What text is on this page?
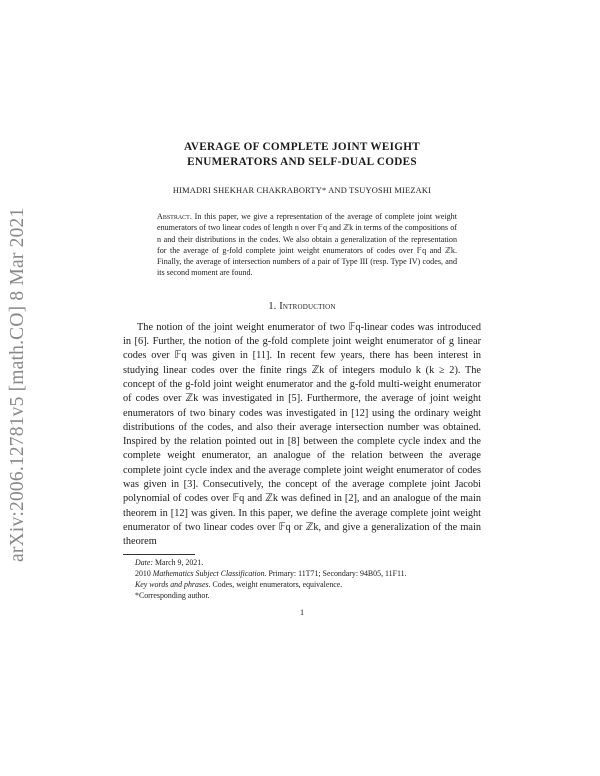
arXiv:2006.12781v5 [math.CO] 8 Mar 2021
AVERAGE OF COMPLETE JOINT WEIGHT
ENUMERATORS AND SELF-DUAL CODES
HIMADRI SHEKHAR CHAKRABORTY* AND TSUYOSHI MIEZAKI
Abstract. In this paper, we give a representation of the average of complete joint weight enumerators of two linear codes of length n over 𝔽q and ℤk in terms of the compositions of n and their distributions in the codes. We also obtain a generalization of the representation for the average of g-fold complete joint weight enumerators of codes over 𝔽q and ℤk. Finally, the average of intersection numbers of a pair of Type III (resp. Type IV) codes, and its second moment are found.
1. Introduction

The notion of the joint weight enumerator of two 𝔽q-linear codes was introduced in [6]. Further, the notion of the g-fold complete joint weight enumerator of g linear codes over 𝔽q was given in [11]. In recent few years, there has been interest in studying linear codes over the finite rings ℤk of integers modulo k (k ≥ 2). The concept of the g-fold joint weight enumerator and the g-fold multi-weight enumerator of codes over ℤk was investigated in [5]. Furthermore, the average of joint weight enumerators of two binary codes was investigated in [12] using the ordinary weight distributions of the codes, and also their average intersection number was obtained. Inspired by the relation pointed out in [8] between the complete cycle index and the complete weight enumerator, an analogue of the relation between the average complete joint cycle index and the average complete joint weight enumerator of codes was given in [3]. Consecutively, the concept of the average complete joint Jacobi polynomial of codes over 𝔽q and ℤk was defined in [2], and an analogue of the main theorem in [12] was given. In this paper, we define the average complete joint weight enumerator of two linear codes over 𝔽q or ℤk, and give a generalization of the main theorem

Date: March 9, 2021.

2010 Mathematics Subject Classification. Primary: 11T71; Secondary: 94B05, 11F11.

Key words and phrases. Codes, weight enumerators, equivalence.

*Corresponding author.

1
